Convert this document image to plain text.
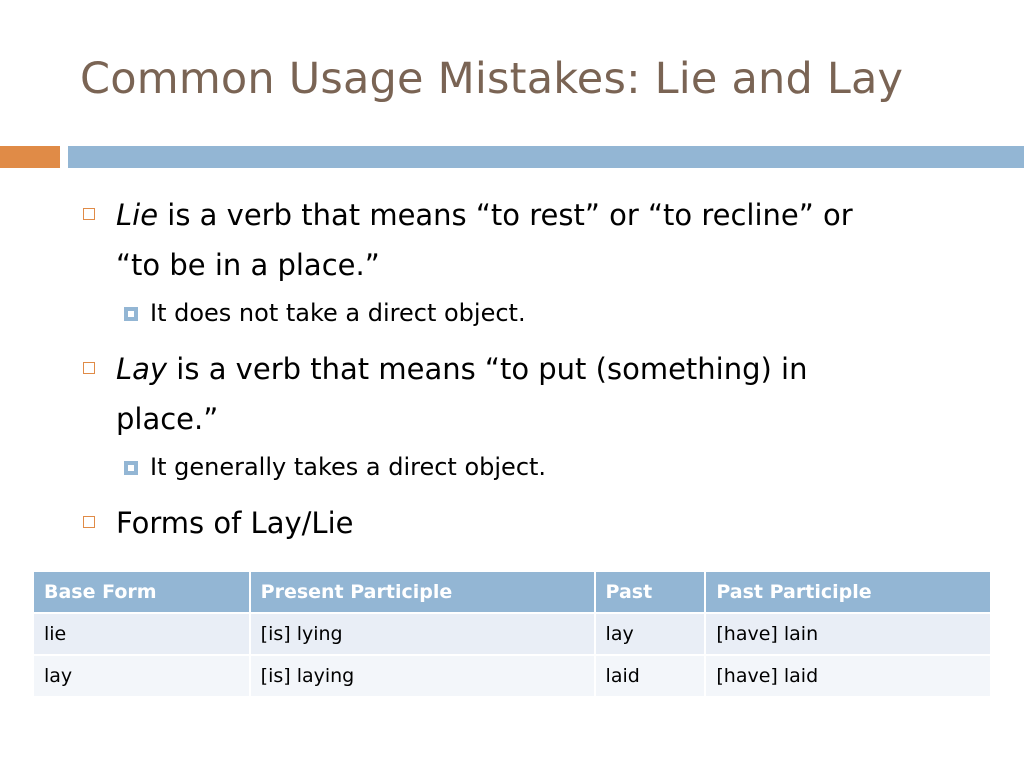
Common Usage Mistakes: Lie and Lay
Lie is a verb that means “to rest” or “to recline” or
“to be in a place.”
It does not take a direct object.
Lay is a verb that means “to put (something) in
place.”
It generally takes a direct object.
Forms of Lay/Lie
Base Form	Present Participle	Past	Past Participle
lie	[is] lying	lay	[have] lain
lay	[is] laying	laid	[have] laid
